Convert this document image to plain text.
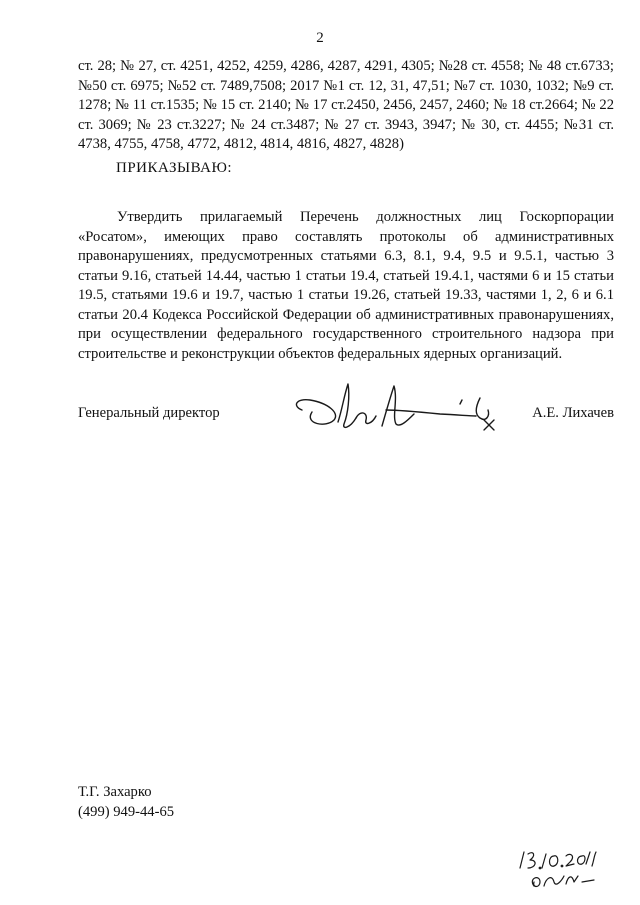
2
ст. 28; № 27, ст. 4251, 4252, 4259, 4286, 4287, 4291, 4305; №28 ст. 4558; № 48 ст.6733; №50 ст. 6975; №52 ст. 7489,7508; 2017 №1 ст. 12, 31, 47,51; №7 ст. 1030, 1032; №9 ст. 1278; № 11 ст.1535; № 15 ст. 2140; № 17 ст.2450, 2456, 2457, 2460; № 18 ст.2664; № 22 ст. 3069; № 23 ст.3227; № 24 ст.3487; № 27 ст. 3943, 3947; № 30, ст. 4455; №31 ст. 4738, 4755, 4758, 4772, 4812, 4814, 4816, 4827, 4828)
ПРИКАЗЫВАЮ:
Утвердить прилагаемый Перечень должностных лиц Госкорпорации «Росатом», имеющих право составлять протоколы об административных правонарушениях, предусмотренных статьями 6.3, 8.1, 9.4, 9.5 и 9.5.1, частью 3 статьи 9.16, статьей 14.44, частью 1 статьи 19.4, статьей 19.4.1, частями 6 и 15 статьи 19.5, статьями 19.6 и 19.7, частью 1 статьи 19.26, статьей 19.33, частями 1, 2, 6 и 6.1 статьи 20.4 Кодекса Российской Федерации об административных правонарушениях, при осуществлении федерального государственного строительного надзора при строительстве и реконструкции объектов федеральных ядерных организаций.
Генеральный директор	А.Е. Лихачев
Т.Г. Захарко
(499) 949-44-65
